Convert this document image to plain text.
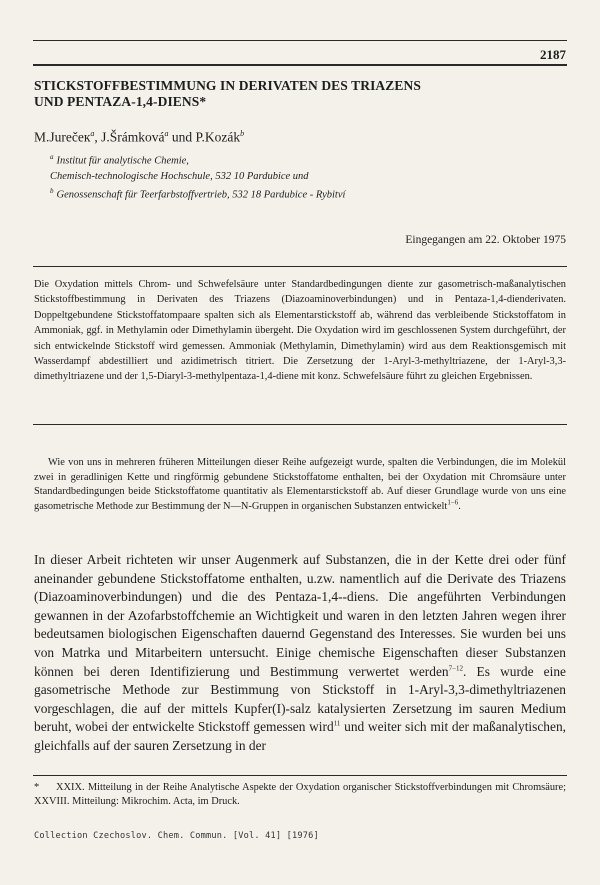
2187
STICKSTOFFBESTIMMUNG IN DERIVATEN DES TRIAZENS
UND PENTAZA-1,4-DIENS*
M.Jurečeк$^a$, J.Šrámková$^a$ und P.Kozák$^b$
$^a$ Institut für analytische Chemie,
Chemisch-technologische Hochschule, 532 10 Pardubice und
$^b$ Genossenschaft für Teerfarbstoffvertrieb, 532 18 Pardubice - Rybitví
Eingegangen am 22. Oktober 1975
Die Oxydation mittels Chrom- und Schwefelsäure unter Standardbedingungen diente zur gasometrisch-maßanalytischen Stickstoffbestimmung in Derivaten des Triazens (Diazoaminoverbindungen) und in Pentaza-1,4-dienderivaten. Doppeltgebundene Stickstoffatompaare spalten sich als Elementarstickstoff ab, während das verbleibende Stickstoffatom in Ammoniak, ggf. in Methylamin oder Dimethylamin übergeht. Die Oxydation wird im geschlossenen System durchgeführt, der sich entwickelnde Stickstoff wird gemessen. Ammoniak (Methylamin, Dimethylamin) wird aus dem Reaktionsgemisch mit Wasserdampf abdestilliert und azidimetrisch titriert. Die Zersetzung der 1-Aryl-3-methyltriazene, der 1-Aryl-3,3-dimethyltriazene und der 1,5-Diaryl-3-methylpentaza-1,4-diene mit konz. Schwefelsäure führt zu gleichen Ergebnissen.
Wie von uns in mehreren früheren Mitteilungen dieser Reihe aufgezeigt wurde, spalten die Verbindungen, die im Molekül zwei in geradlinigen Kette und ringförmig gebundene Stickstoffatome enthalten, bei der Oxydation mit Chromsäure unter Standardbedingungen beide Stickstoffatome quantitativ als Elementarstickstoff ab. Auf dieser Grundlage wurde von uns eine gasometrische Methode zur Bestimmung der N—N-Gruppen in organischen Substanzen entwickelt$^{1-6}$.
In dieser Arbeit richteten wir unser Augenmerk auf Substanzen, die in der Kette drei oder fünf aneinander gebundene Stickstoffatome enthalten, u.zw. namentlich auf die Derivate des Triazens (Diazoaminoverbindungen) und die des Pentaza-1,4--diens. Die angeführten Verbindungen gewannen in der Azofarbstoffchemie an Wichtigkeit und waren in den letzten Jahren wegen ihrer bedeutsamen biologischen Eigenschaften dauernd Gegenstand des Interesses. Sie wurden bei uns von Matrka und Mitarbeitern untersucht. Einige chemische Eigenschaften dieser Substanzen können bei deren Identifizierung und Bestimmung verwertet werden$^{7-12}$. Es wurde eine gasometrische Methode zur Bestimmung von Stickstoff in 1-Aryl-3,3-dimethyltriazenen vorgeschlagen, die auf der mittels Kupfer(I)-salz katalysierten Zersetzung im sauren Medium beruht, wobei der entwickelte Stickstoff gemessen wird$^{11}$ und weiter sich mit der maßanalytischen, gleichfalls auf der sauren Zersetzung in der
* XXIX. Mitteilung in der Reihe Analytische Aspekte der Oxydation organischer Stickstoffverbindungen mit Chromsäure; XXVIII. Mitteilung: Mikrochim. Acta, im Druck.
Collection Czechoslov. Chem. Commun. [Vol. 41] [1976]
